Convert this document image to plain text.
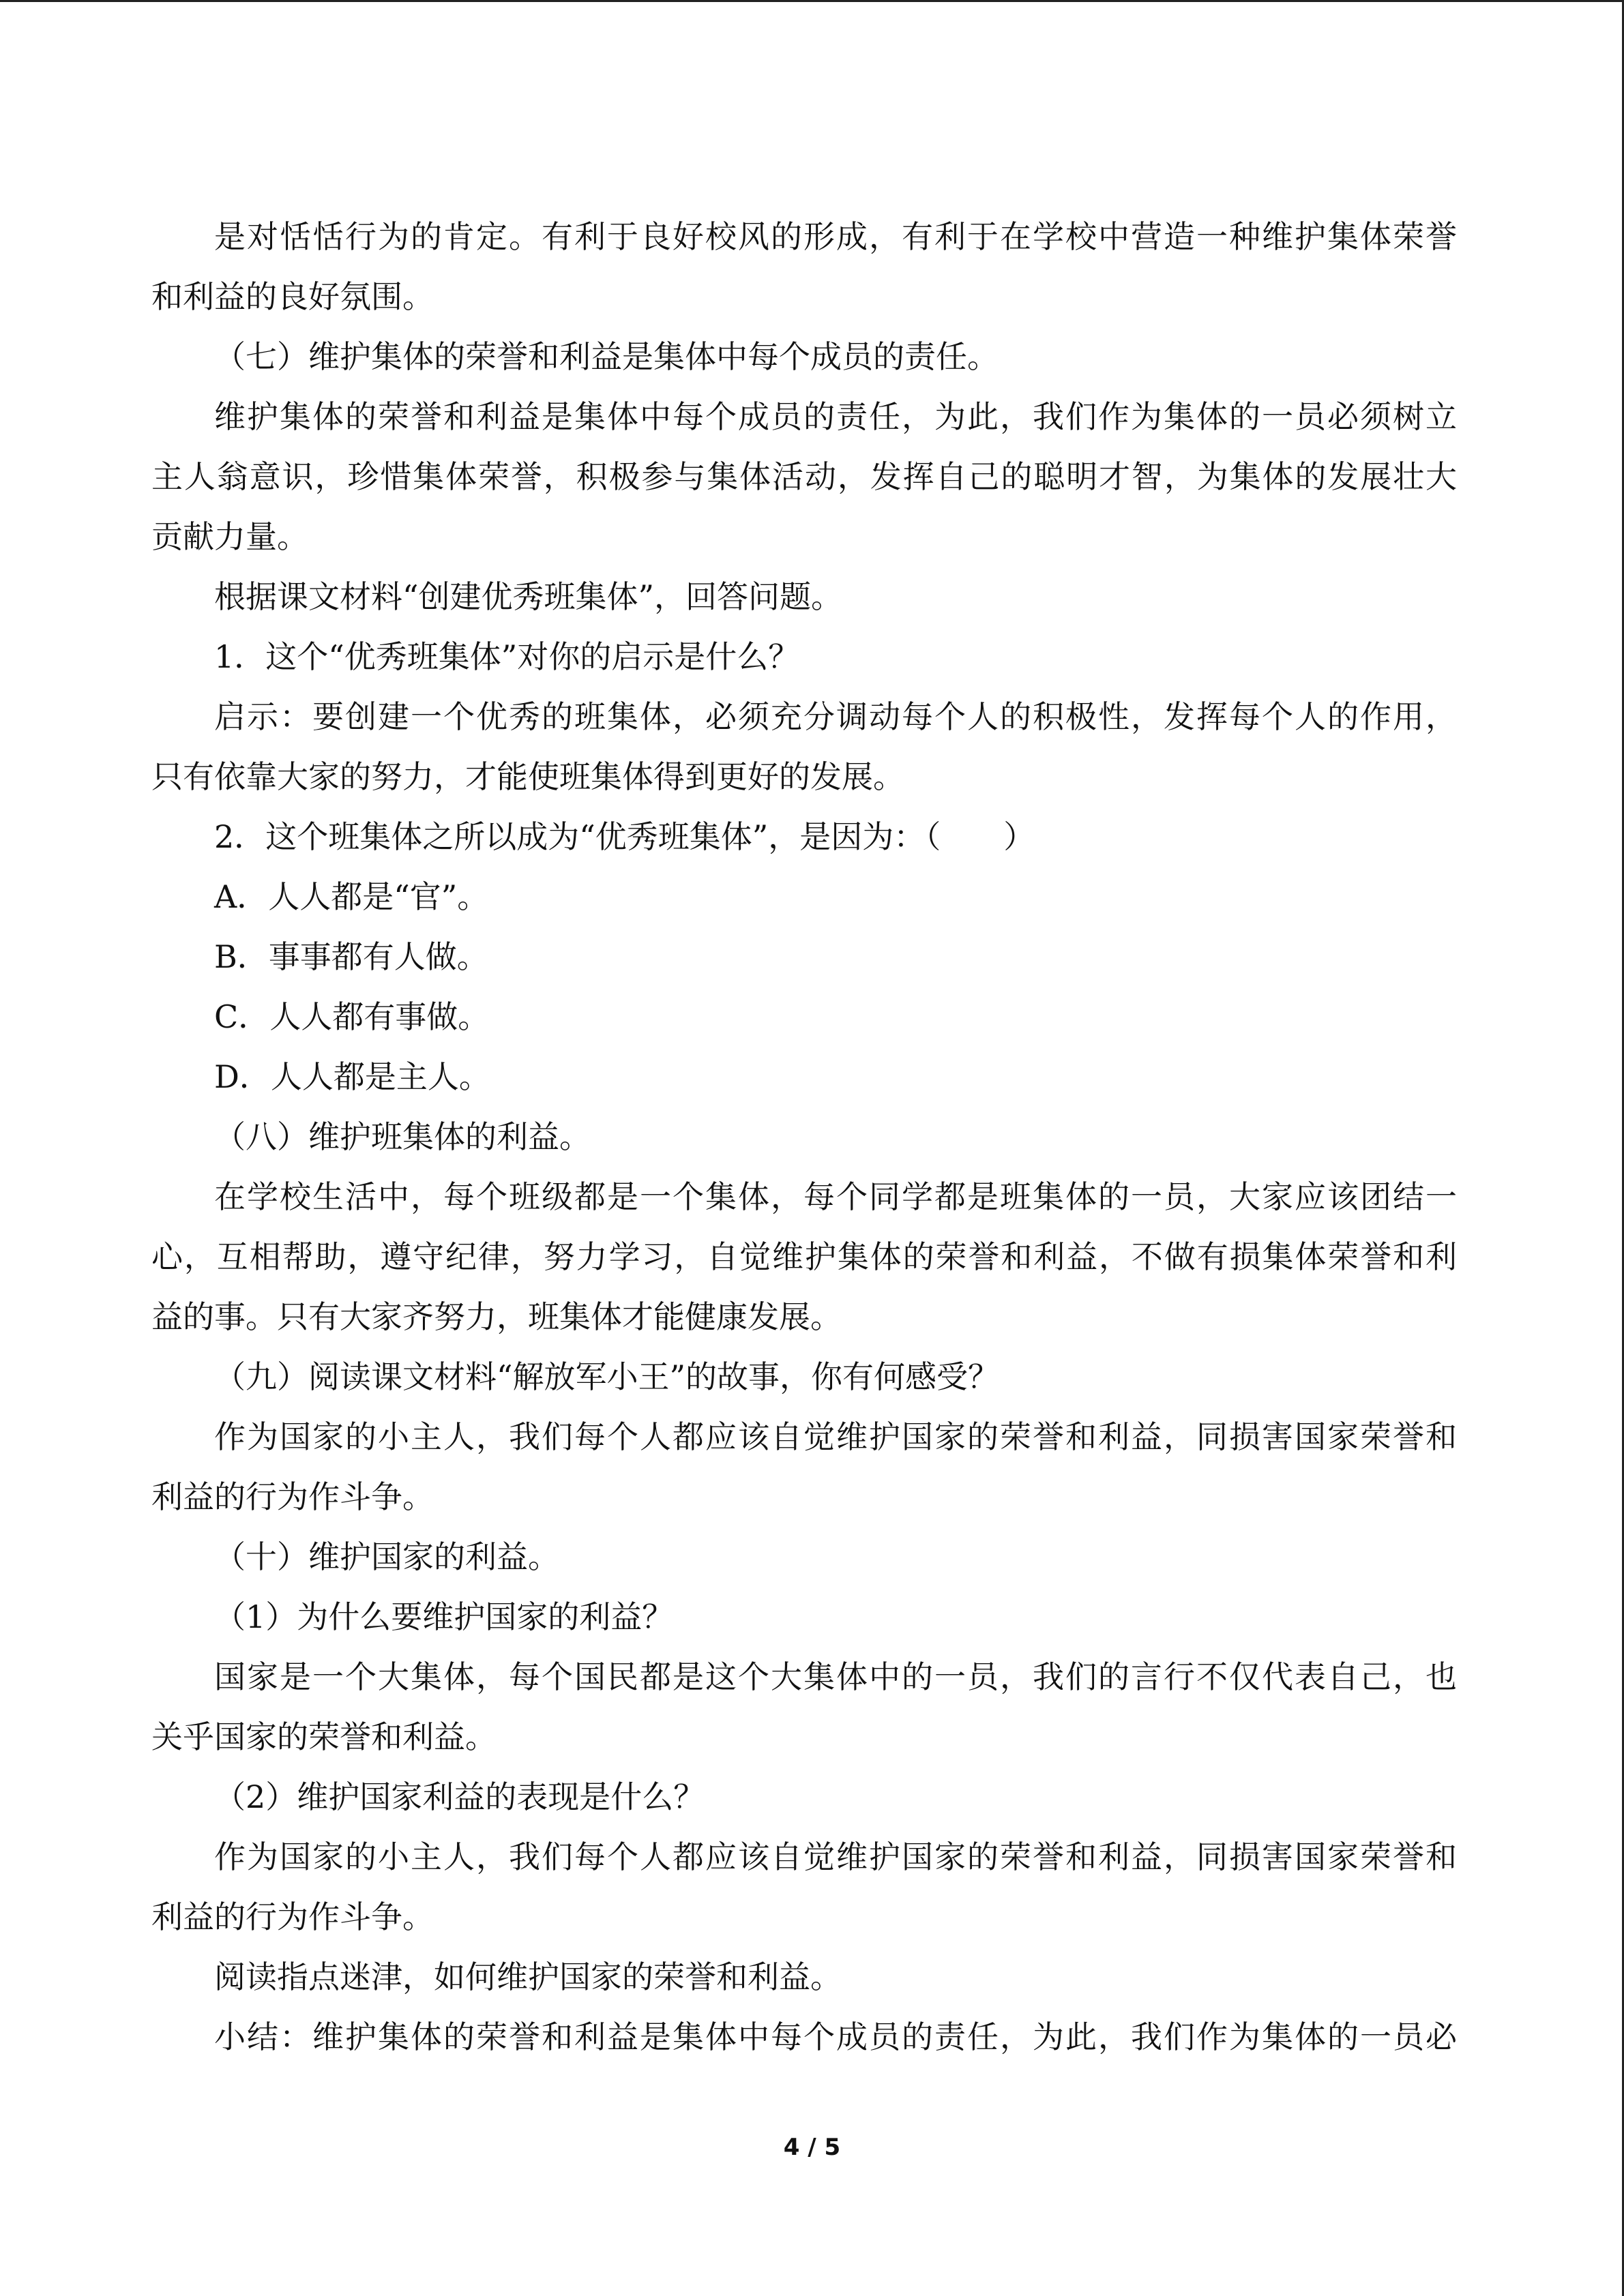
是对恬恬行为的肯定。有利于良好校风的形成，有利于在学校中营造一种维护集体荣誉
和利益的良好氛围。
（七）维护集体的荣誉和利益是集体中每个成员的责任。
维护集体的荣誉和利益是集体中每个成员的责任，为此，我们作为集体的一员必须树立
主人翁意识，珍惜集体荣誉，积极参与集体活动，发挥自己的聪明才智，为集体的发展壮大
贡献力量。
根据课文材料“创建优秀班集体”，回答问题。
1．这个“优秀班集体”对你的启示是什么？
启示：要创建一个优秀的班集体，必须充分调动每个人的积极性，发挥每个人的作用，
只有依靠大家的努力，才能使班集体得到更好的发展。
2．这个班集体之所以成为“优秀班集体”，是因为：（　　）
A．人人都是“官”。
B．事事都有人做。
C．人人都有事做。
D．人人都是主人。
（八）维护班集体的利益。
在学校生活中，每个班级都是一个集体，每个同学都是班集体的一员，大家应该团结一
心，互相帮助，遵守纪律，努力学习，自觉维护集体的荣誉和利益，不做有损集体荣誉和利
益的事。只有大家齐努力，班集体才能健康发展。
（九）阅读课文材料“解放军小王”的故事，你有何感受？
作为国家的小主人，我们每个人都应该自觉维护国家的荣誉和利益，同损害国家荣誉和
利益的行为作斗争。
（十）维护国家的利益。
（1）为什么要维护国家的利益？
国家是一个大集体，每个国民都是这个大集体中的一员，我们的言行不仅代表自己，也
关乎国家的荣誉和利益。
（2）维护国家利益的表现是什么？
作为国家的小主人，我们每个人都应该自觉维护国家的荣誉和利益，同损害国家荣誉和
利益的行为作斗争。
阅读指点迷津，如何维护国家的荣誉和利益。
小结：维护集体的荣誉和利益是集体中每个成员的责任，为此，我们作为集体的一员必
4 / 5
